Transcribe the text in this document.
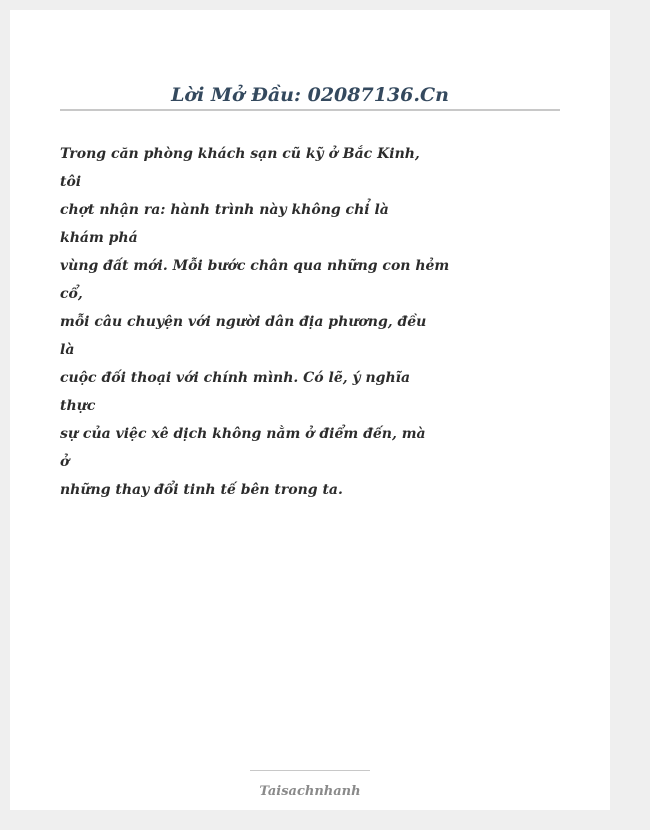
Lời Mở Đầu: 02087136.Cn
Trong căn phòng khách sạn cũ kỹ ở Bắc Kinh,
tôi
chợt nhận ra: hành trình này không chỉ là
khám phá
vùng đất mới. Mỗi bước chân qua những con hẻm
cổ,
mỗi câu chuyện với người dân địa phương, đều
là
cuộc đối thoại với chính mình. Có lẽ, ý nghĩa
thực
sự của việc xê dịch không nằm ở điểm đến, mà
ở
những thay đổi tinh tế bên trong ta.
Taisachnhanh
